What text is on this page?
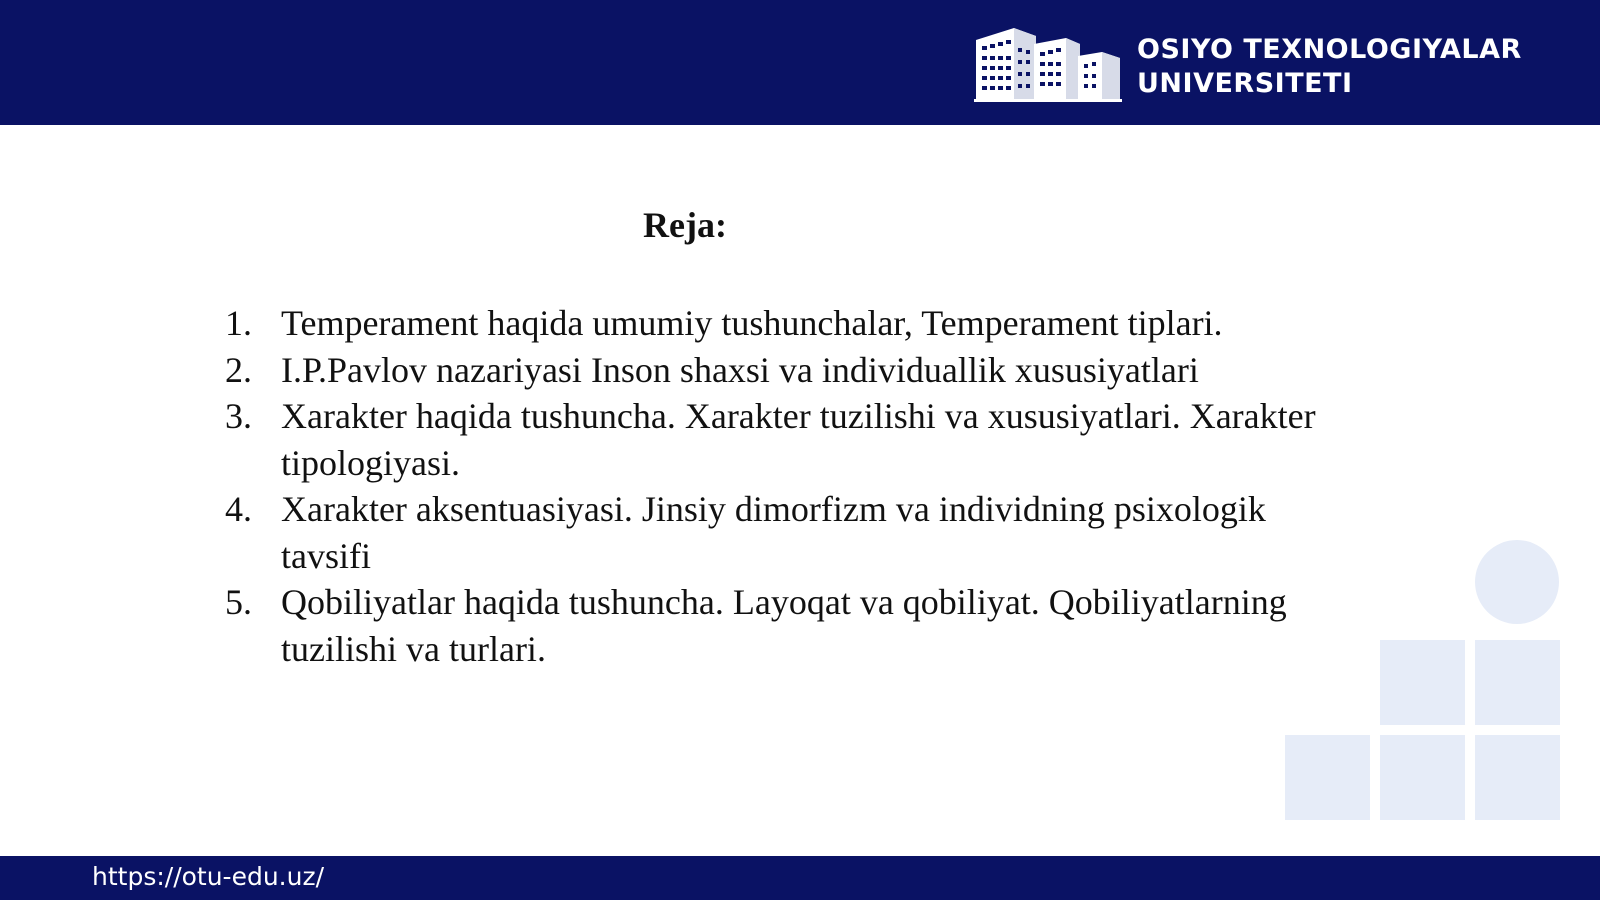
OSIYO TEXNOLOGIYALAR
UNIVERSITETI
Reja:
1. Temperament haqida umumiy tushunchalar, Temperament tiplari.
2. I.P.Pavlov nazariyasi Inson shaxsi va individuallik xususiyatlari
3. Xarakter haqida tushuncha. Xarakter tuzilishi va xususiyatlari. Xarakter tipologiyasi.
4. Xarakter aksentuasiyasi. Jinsiy dimorfizm va individning psixologik tavsifi
5. Qobiliyatlar haqida tushuncha. Layoqat va qobiliyat. Qobiliyatlarning tuzilishi va turlari.
https://otu-edu.uz/
